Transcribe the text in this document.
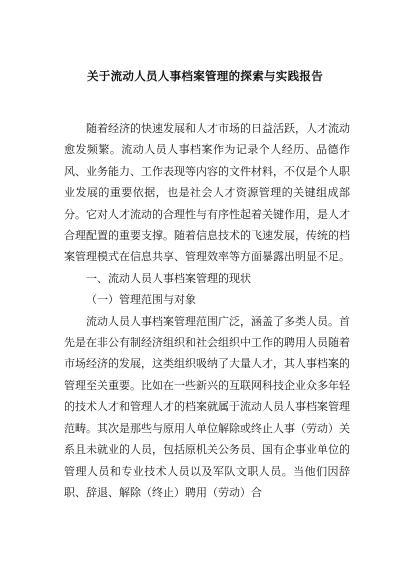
关于流动人员人事档案管理的探索与实践报告

随着经济的快速发展和人才市场的日益活跃，人才流动愈发频繁。流动人员人事档案作为记录个人经历、品德作风、业务能力、工作表现等内容的文件材料，不仅是个人职业发展的重要依据，也是社会人才资源管理的关键组成部分。它对人才流动的合理性与有序性起着关键作用，是人才合理配置的重要支撑。随着信息技术的飞速发展，传统的档案管理模式在信息共享、管理效率等方面暴露出明显不足。

一、流动人员人事档案管理的现状

（一）管理范围与对象

流动人员人事档案管理范围广泛，涵盖了多类人员。首先是在非公有制经济组织和社会组织中工作的聘用人员随着市场经济的发展，这类组织吸纳了大量人才，其人事档案的管理至关重要。比如在一些新兴的互联网科技企业众多年轻的技术人才和管理人才的档案就属于流动人员人事档案管理范畴。其次是那些与原用人单位解除或终止人事（劳动）关系且未就业的人员，包括原机关公务员、国有企事业单位的管理人员和专业技术人员以及军队文职人员。当他们因辞职、辞退、解除（终止）聘用（劳动）合
